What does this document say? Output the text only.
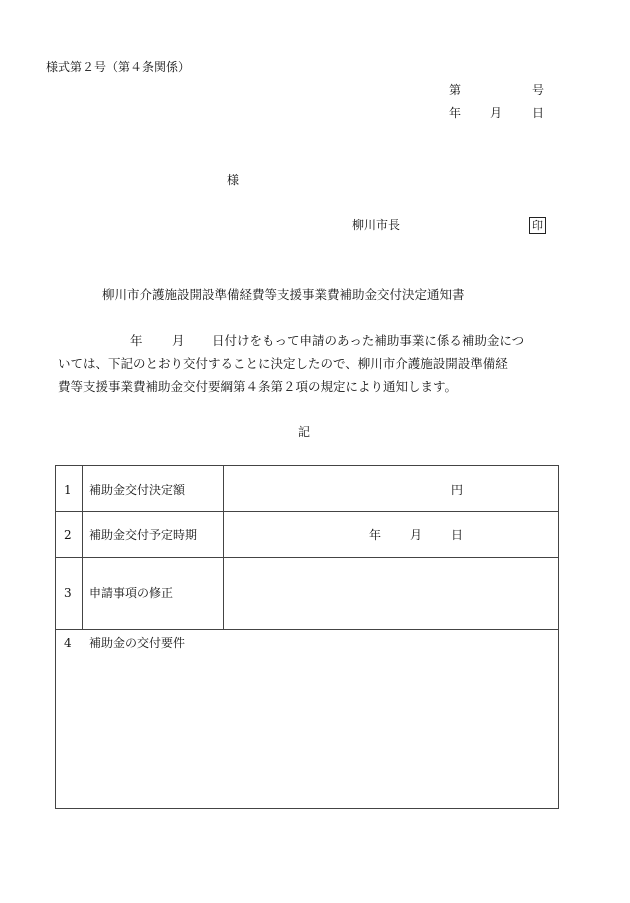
様式第２号（第４条関係）
第	号
年 月 日
様
柳川市長	印
柳川市介護施設開設準備経費等支援事業費補助金交付決定通知書
年 月 日付けをもって申請のあった補助事業に係る補助金につ
いては、下記のとおり交付することに決定したので、柳川市介護施設開設準備経
費等支援事業費補助金交付要綱第４条第２項の規定により通知します。
記
1 補助金交付決定額	円
2 補助金交付予定時期	年 月 日
3 申請事項の修正
4 補助金の交付要件
